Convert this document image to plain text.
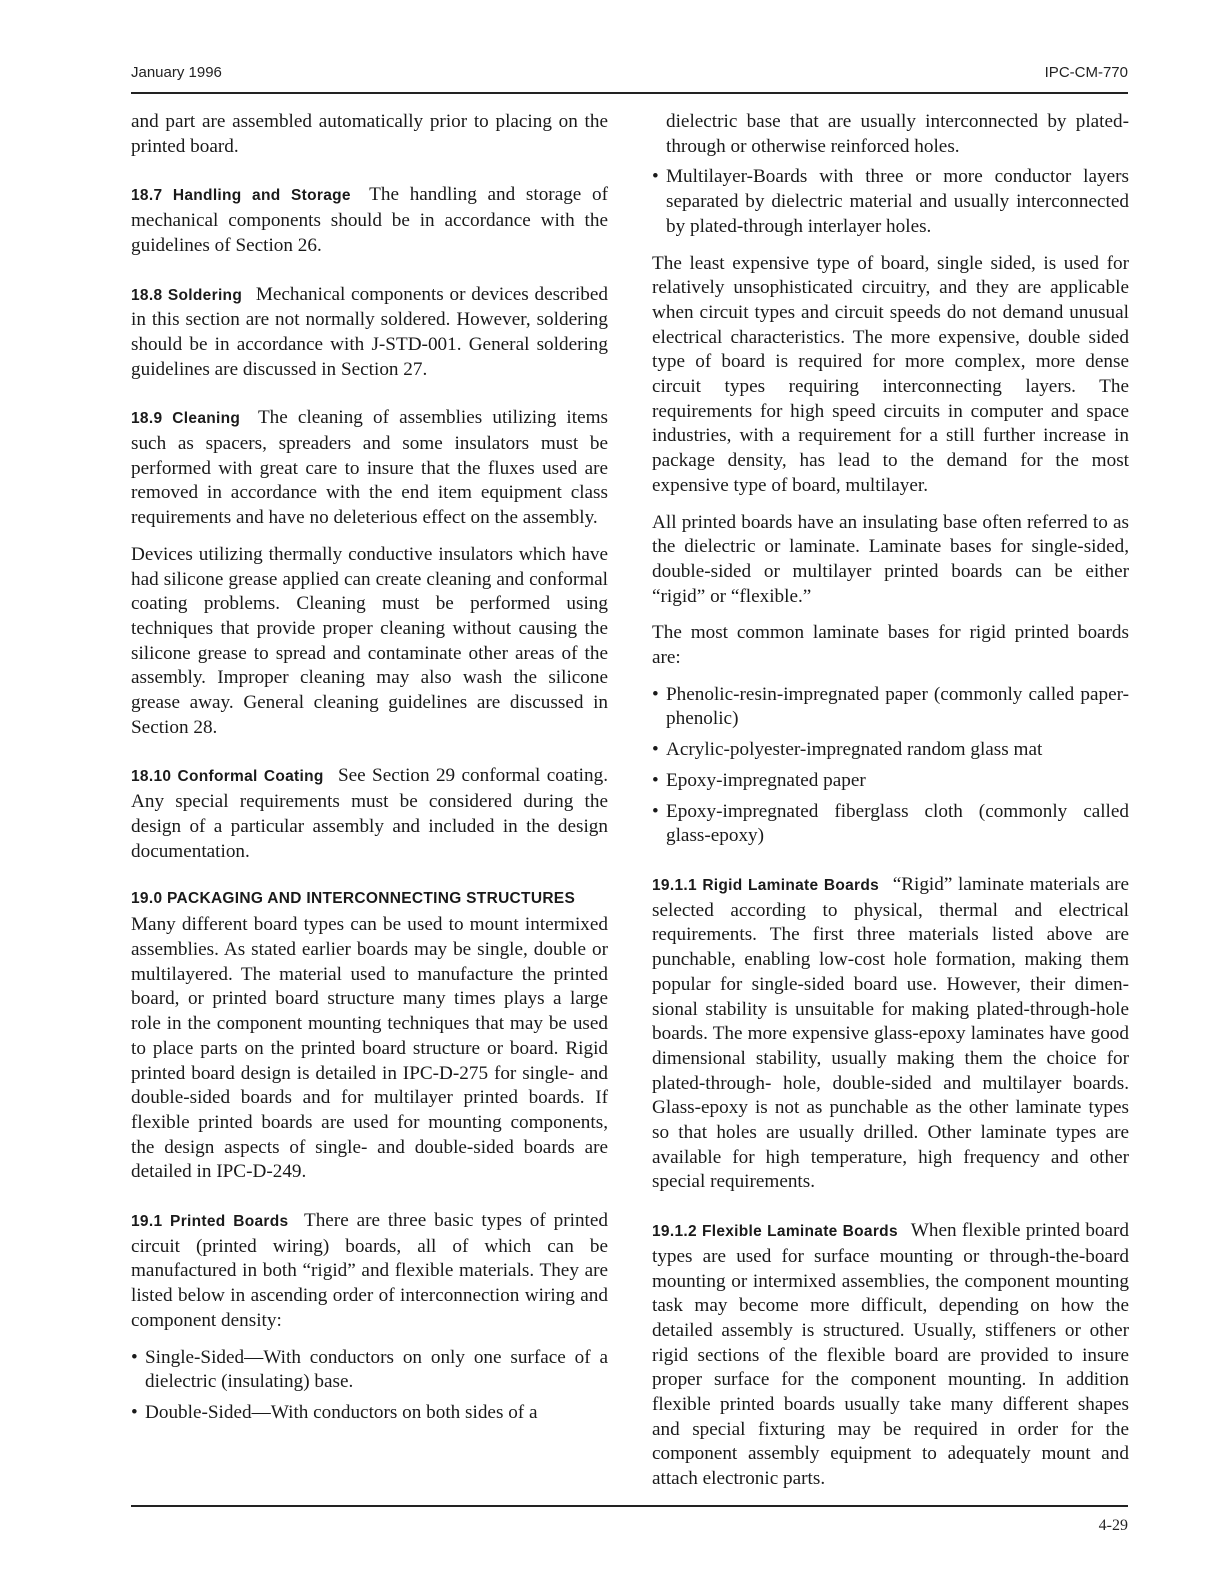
January 1996	IPC-CM-770

and part are assembled automatically prior to placing on the printed board.

18.7 Handling and Storage The handling and storage of mechanical components should be in accordance with the guidelines of Section 26.

18.8 Soldering Mechanical components or devices described in this section are not normally soldered. However, soldering should be in accordance with J-STD-001. General soldering guidelines are discussed in Section 27.

18.9 Cleaning The cleaning of assemblies utilizing items such as spacers, spreaders and some insulators must be performed with great care to insure that the fluxes used are removed in accordance with the end item equipment class requirements and have no deleterious effect on the assembly.

Devices utilizing thermally conductive insulators which have had silicone grease applied can create cleaning and conformal coating problems. Cleaning must be performed using techniques that provide proper cleaning without causing the silicone grease to spread and contaminate other areas of the assembly. Improper cleaning may also wash the silicone grease away. General cleaning guidelines are discussed in Section 28.

18.10 Conformal Coating See Section 29 conformal coating. Any special requirements must be considered during the design of a particular assembly and included in the design documentation.

19.0 PACKAGING AND INTERCONNECTING STRUCTURES

Many different board types can be used to mount intermixed assemblies. As stated earlier boards may be single, double or multilayered. The material used to manufacture the printed board, or printed board structure many times plays a large role in the component mounting techniques that may be used to place parts on the printed board structure or board. Rigid printed board design is detailed in IPC-D-275 for single- and double-sided boards and for multilayer printed boards. If flexible printed boards are used for mounting components, the design aspects of single- and double-sided boards are detailed in IPC-D-249.

19.1 Printed Boards There are three basic types of printed circuit (printed wiring) boards, all of which can be manufactured in both “rigid” and flexible materials. They are listed below in ascending order of interconnection wiring and component density:

• Single-Sided—With conductors on only one surface of a dielectric (insulating) base.
• Double-Sided—With conductors on both sides of a

dielectric base that are usually interconnected by plated-through or otherwise reinforced holes.

• Multilayer-Boards with three or more conductor layers separated by dielectric material and usually interconnected by plated-through interlayer holes.

The least expensive type of board, single sided, is used for relatively unsophisticated circuitry, and they are applicable when circuit types and circuit speeds do not demand unusual electrical characteristics. The more expensive, double sided type of board is required for more complex, more dense circuit types requiring interconnecting layers. The requirements for high speed circuits in computer and space industries, with a requirement for a still further increase in package density, has lead to the demand for the most expensive type of board, multilayer.

All printed boards have an insulating base often referred to as the dielectric or laminate. Laminate bases for single-sided, double-sided or multilayer printed boards can be either “rigid” or “flexible.”

The most common laminate bases for rigid printed boards are:

• Phenolic-resin-impregnated paper (commonly called paper-phenolic)
• Acrylic-polyester-impregnated random glass mat
• Epoxy-impregnated paper
• Epoxy-impregnated fiberglass cloth (commonly called glass-epoxy)

19.1.1 Rigid Laminate Boards “Rigid” laminate materials are selected according to physical, thermal and electrical requirements. The first three materials listed above are punchable, enabling low-cost hole formation, making them popular for single-sided board use. However, their dimensional stability is unsuitable for making plated-through-hole boards. The more expensive glass-epoxy laminates have good dimensional stability, usually making them the choice for plated-through- hole, double-sided and multilayer boards. Glass-epoxy is not as punchable as the other laminate types so that holes are usually drilled. Other laminate types are available for high temperature, high frequency and other special requirements.

19.1.2 Flexible Laminate Boards When flexible printed board types are used for surface mounting or through-the-board mounting or intermixed assemblies, the component mounting task may become more difficult, depending on how the detailed assembly is structured. Usually, stiffeners or other rigid sections of the flexible board are provided to insure proper surface for the component mounting. In addition flexible printed boards usually take many different shapes and special fixturing may be required in order for the component assembly equipment to adequately mount and attach electronic parts.

4-29
